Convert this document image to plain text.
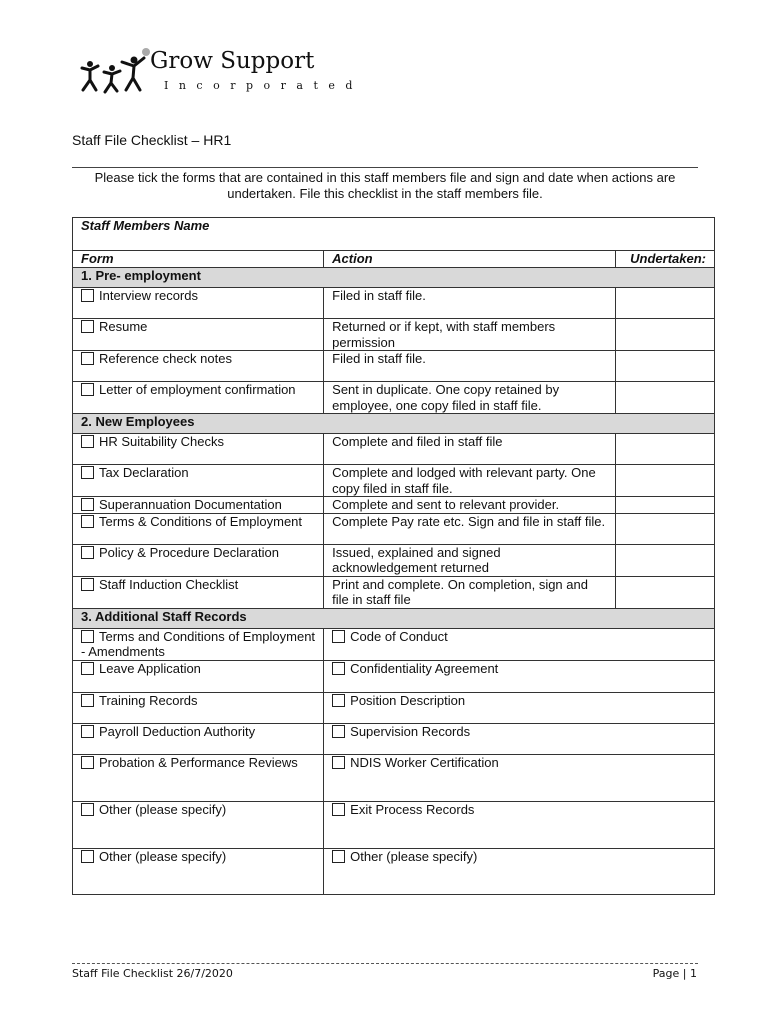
Grow Support
Incorporated
Staff File Checklist – HR1
Please tick the forms that are contained in this staff members file and sign and date when actions are undertaken. File this checklist in the staff members file.
Staff Members Name		
Form	Action	Undertaken:
1. Pre- employment		
Interview records	Filed in staff file.	
Resume	Returned or if kept, with staff members permission	
Reference check notes	Filed in staff file.	
Letter of employment confirmation	Sent in duplicate. One copy retained by employee, one copy filed in staff file.	
2. New Employees		
HR Suitability Checks	Complete and filed in staff file	
Tax Declaration	Complete and lodged with relevant party. One copy filed in staff file.	
Superannuation Documentation	Complete and sent to relevant provider.	
Terms & Conditions of Employment	Complete Pay rate etc. Sign and file in staff file.	
Policy & Procedure Declaration	Issued, explained and signed acknowledgement returned	
Staff Induction Checklist	Print and complete. On completion, sign and file in staff file	
3. Additional Staff Records		
Terms and Conditions of Employment - Amendments	Code of Conduct	
Leave Application	Confidentiality Agreement	
Training Records	Position Description	
Payroll Deduction Authority	Supervision Records	
Probation & Performance Reviews	NDIS Worker Certification	
Other (please specify)	Exit Process Records	
Other (please specify)	Other (please specify)	
Staff File Checklist 26/7/2020	Page | 1
